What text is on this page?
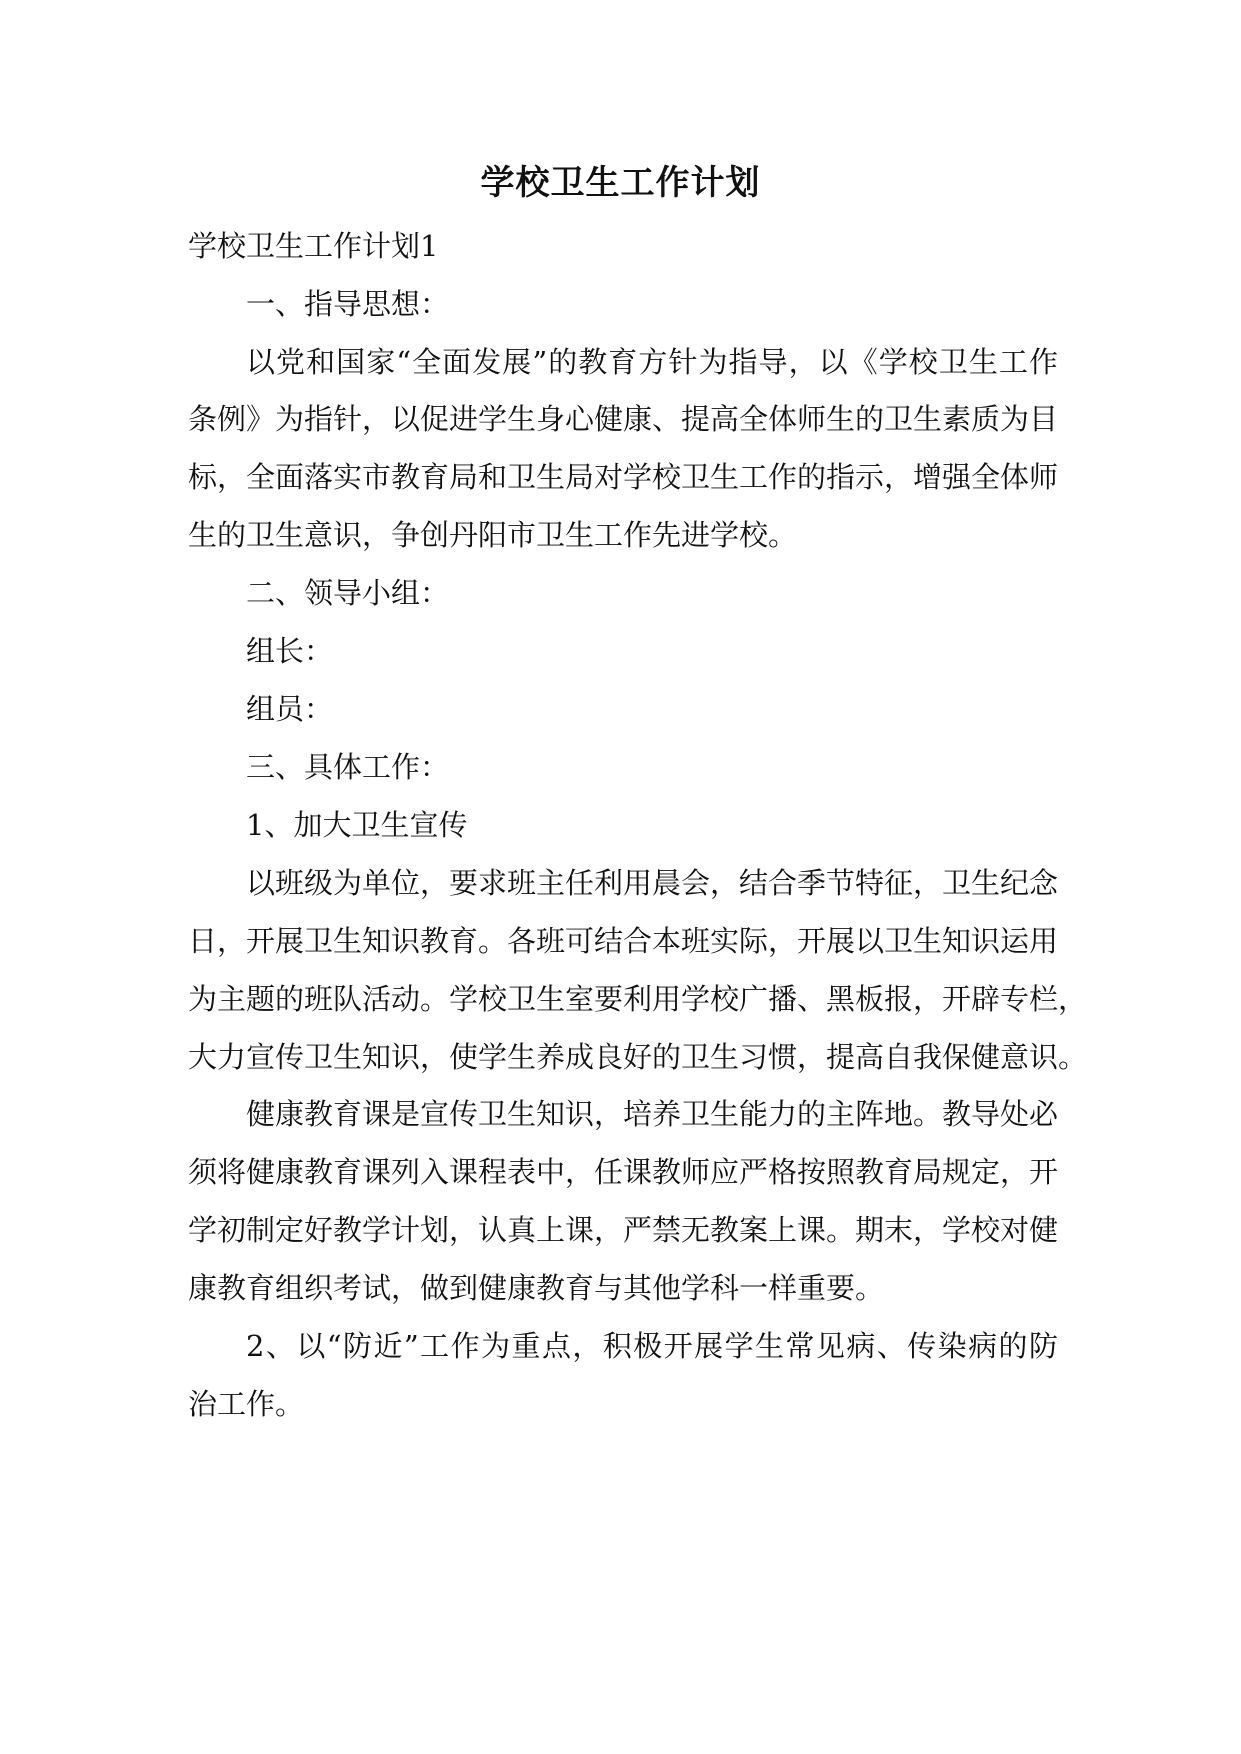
学校卫生工作计划
学校卫生工作计划1
一、指导思想：
以党和国家“全面发展”的教育方针为指导，以《学校卫生工作
条例》为指针，以促进学生身心健康、提高全体师生的卫生素质为目
标，全面落实市教育局和卫生局对学校卫生工作的指示，增强全体师
生的卫生意识，争创丹阳市卫生工作先进学校。
二、领导小组：
组长：
组员：
三、具体工作：
1、加大卫生宣传
以班级为单位，要求班主任利用晨会，结合季节特征，卫生纪念
日，开展卫生知识教育。各班可结合本班实际，开展以卫生知识运用
为主题的班队活动。学校卫生室要利用学校广播、黑板报，开辟专栏，
大力宣传卫生知识，使学生养成良好的卫生习惯，提高自我保健意识。
健康教育课是宣传卫生知识，培养卫生能力的主阵地。教导处必
须将健康教育课列入课程表中，任课教师应严格按照教育局规定，开
学初制定好教学计划，认真上课，严禁无教案上课。期末，学校对健
康教育组织考试，做到健康教育与其他学科一样重要。
2、以“防近”工作为重点，积极开展学生常见病、传染病的防
治工作。
